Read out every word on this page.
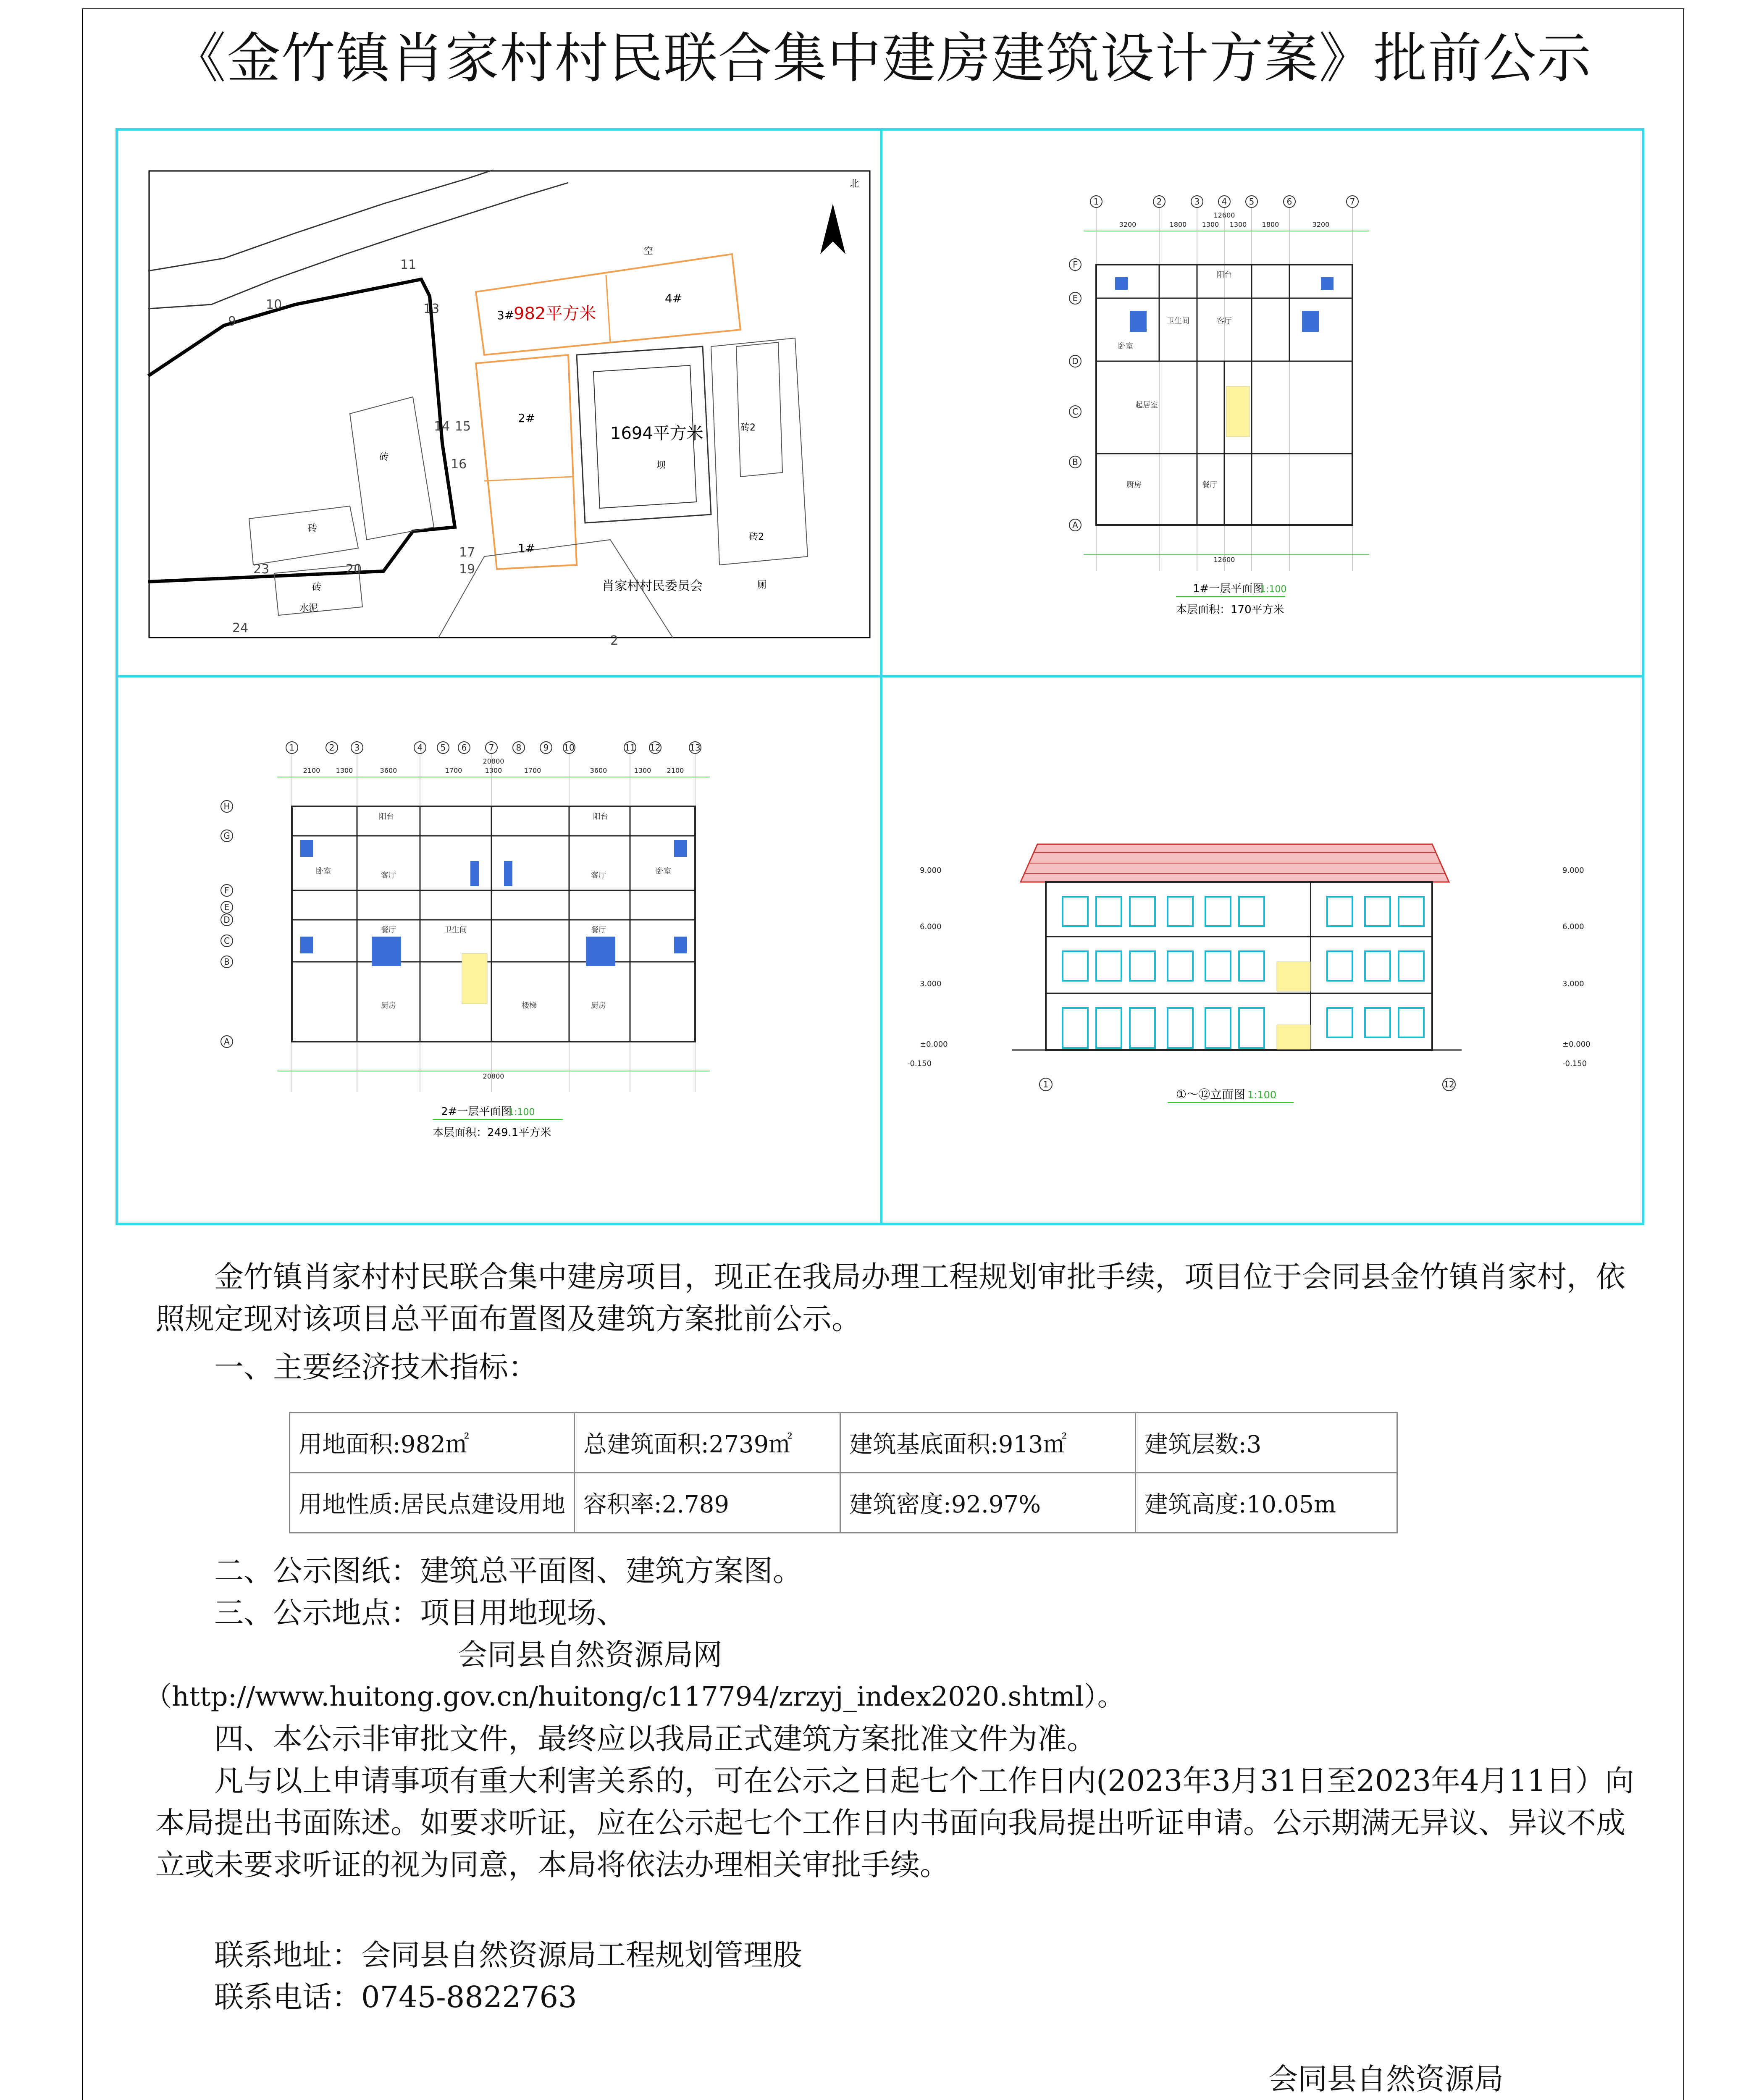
《金竹镇肖家村村民联合集中建房建筑设计方案》批前公示
北
982平方米
1694平方米
1#
2#
3#
4#
肖家村村民委员会
9
10
11
13
14 15
16
17
19
20
23
24
2
空
砖
砖2
砖
砖2
砖
水泥
厕
坝
1	2	3	4	5	6	7
3200	1800 1300 1300 1800	3200
12600
12600
卧室
卫生间	客厅
阳台
起居室
厨房	餐厅
F
E
D
C
B
A
1#一层平面图
1:100
本层面积：170平方米
1	2 3	4 5 6	7	8	9 10	11 12	13
2100 1300	3600	1700	1300	1700	3600	1300 2100
20800
20800
卧室	卧室
客厅	客厅
餐厅	餐厅
卫生间
厨房	厨房
阳台	阳台
楼梯
H
G
F
E
D
C
B
A
2#一层平面图
1:100
本层面积：249.1平方米
9.000
6.000
3.000
±0.000
-0.150
9.000
6.000
3.000
±0.000
-0.150
1	12
①～⑫立面图 1:100
金竹镇肖家村村民联合集中建房项目，现正在我局办理工程规划审批手续，项目位于会同县金竹镇肖家村，依照规定现对该项目总平面布置图及建筑方案批前公示。
一、主要经济技术指标：
用地面积:982㎡	总建筑面积:2739㎡	建筑基底面积:913㎡	建筑层数:3
用地性质:居民点建设用地	容积率:2.789	建筑密度:92.97%	建筑高度:10.05m
二、公示图纸：建筑总平面图、建筑方案图。
三、公示地点：项目用地现场、
会同县自然资源局网
（http://www.huitong.gov.cn/huitong/c117794/zrzyj_index2020.shtml）。
四、本公示非审批文件，最终应以我局正式建筑方案批准文件为准。
凡与以上申请事项有重大利害关系的，可在公示之日起七个工作日内(2023年3月31日至2023年4月11日）向本局提出书面陈述。如要求听证，应在公示起七个工作日内书面向我局提出听证申请。公示期满无异议、异议不成立或未要求听证的视为同意，本局将依法办理相关审批手续。
联系地址：会同县自然资源局工程规划管理股
联系电话：0745-8822763
会同县自然资源局
